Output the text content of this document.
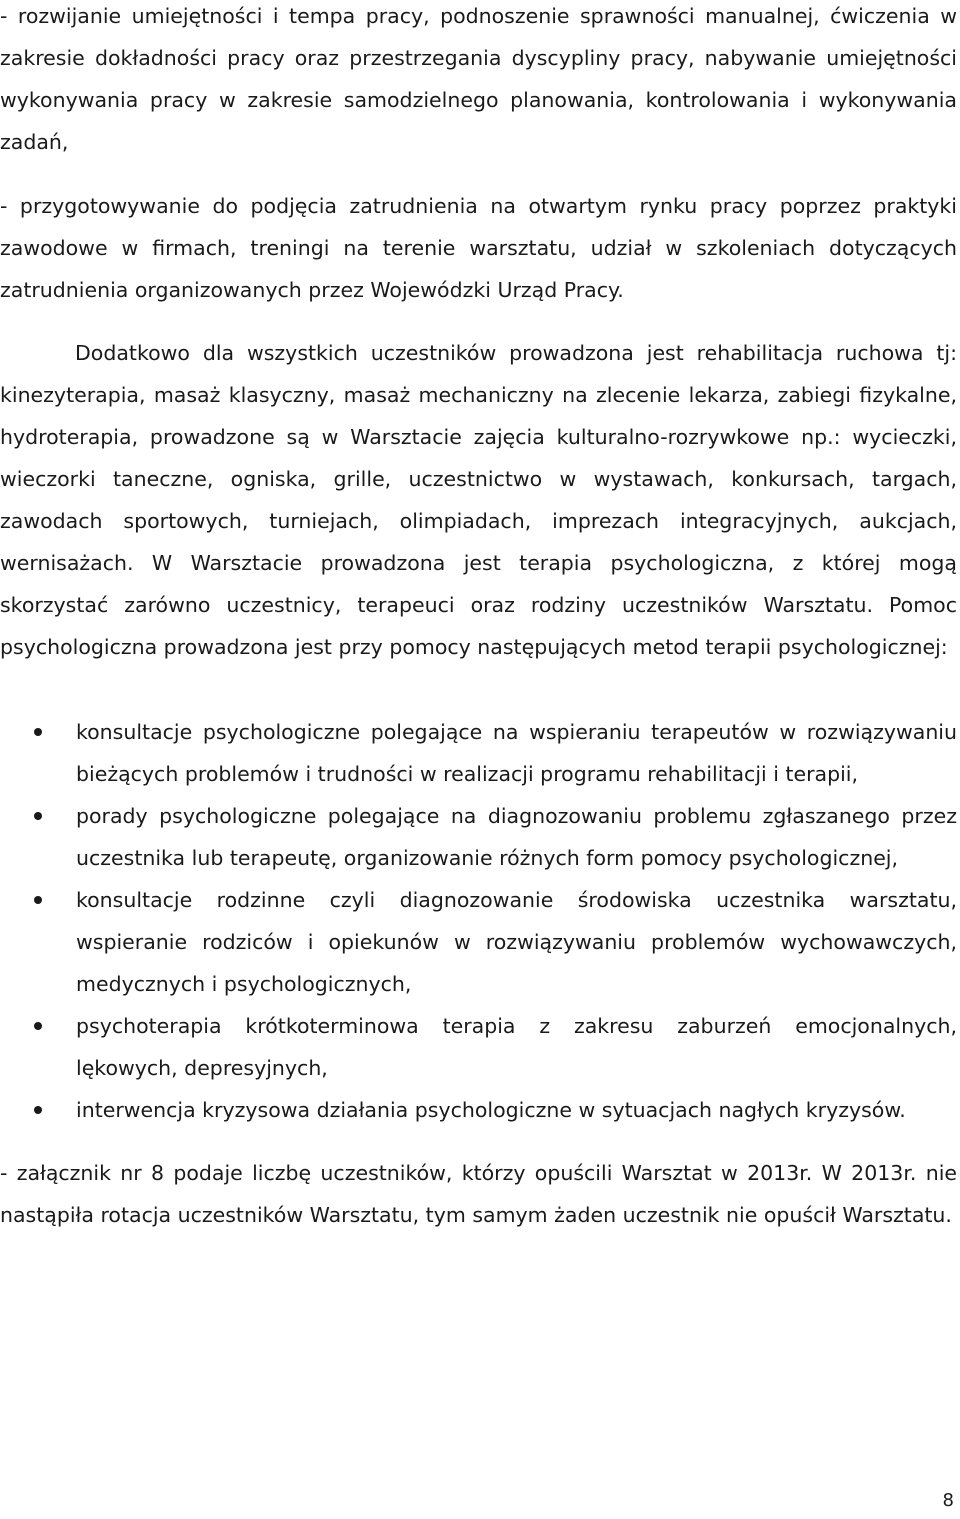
- rozwijanie umiejętności i tempa pracy, podnoszenie sprawności manualnej, ćwiczenia w zakresie dokładności pracy oraz przestrzegania dyscypliny pracy, nabywanie umiejętności wykonywania pracy w zakresie samodzielnego planowania, kontrolowania i wykonywania zadań,

- przygotowywanie do podjęcia zatrudnienia na otwartym rynku pracy poprzez praktyki zawodowe w firmach, treningi na terenie warsztatu, udział w szkoleniach dotyczących zatrudnienia organizowanych przez Wojewódzki Urząd Pracy.

Dodatkowo dla wszystkich uczestników prowadzona jest rehabilitacja ruchowa tj: kinezyterapia, masaż klasyczny, masaż mechaniczny na zlecenie lekarza, zabiegi fizykalne, hydroterapia, prowadzone są w Warsztacie zajęcia kulturalno-rozrywkowe np.: wycieczki, wieczorki taneczne, ogniska, grille, uczestnictwo w wystawach, konkursach, targach, zawodach sportowych, turniejach, olimpiadach, imprezach integracyjnych, aukcjach, wernisażach. W Warsztacie prowadzona jest terapia psychologiczna, z której mogą skorzystać zarówno uczestnicy, terapeuci oraz rodziny uczestników Warsztatu. Pomoc psychologiczna prowadzona jest przy pomocy następujących metod terapii psychologicznej:

konsultacje psychologiczne polegające na wspieraniu terapeutów w rozwiązywaniu bieżących problemów i trudności w realizacji programu rehabilitacji i terapii,
porady psychologiczne polegające na diagnozowaniu problemu zgłaszanego przez uczestnika lub terapeutę, organizowanie różnych form pomocy psychologicznej,
konsultacje rodzinne czyli diagnozowanie środowiska uczestnika warsztatu, wspieranie rodziców i opiekunów w rozwiązywaniu problemów wychowawczych, medycznych i psychologicznych,
psychoterapia krótkoterminowa terapia z zakresu zaburzeń emocjonalnych, lękowych, depresyjnych,
interwencja kryzysowa działania psychologiczne w sytuacjach nagłych kryzysów.

- załącznik nr 8 podaje liczbę uczestników, którzy opuścili Warsztat w 2013r. W 2013r. nie nastąpiła rotacja uczestników Warsztatu, tym samym żaden uczestnik nie opuścił Warsztatu.

8
